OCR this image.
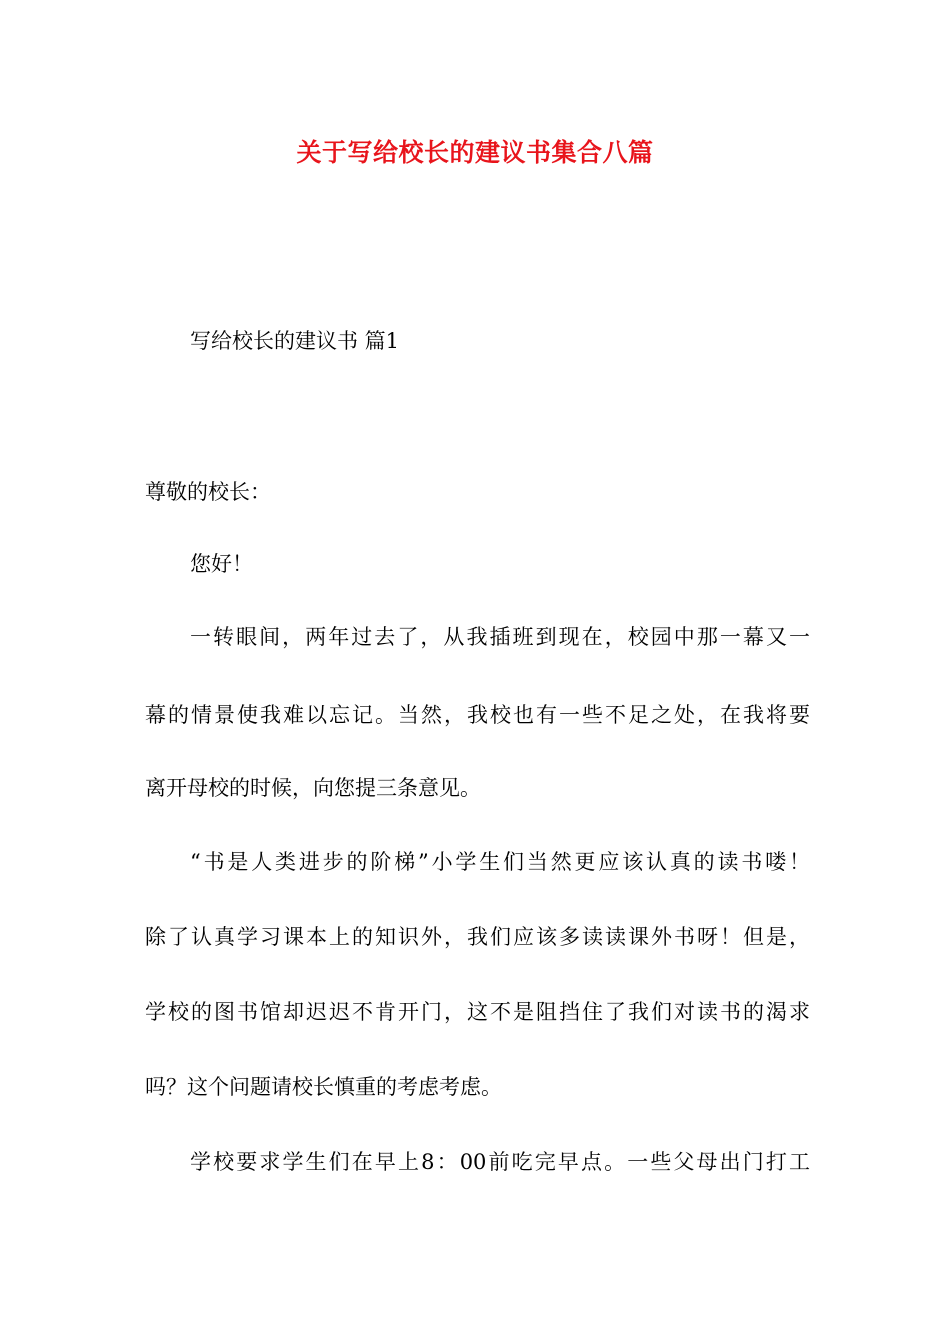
关于写给校长的建议书集合八篇
写给校长的建议书 篇1
尊敬的校长：
您好！
一转眼间，两年过去了，从我插班到现在，校园中那一幕又一
幕的情景使我难以忘记。当然，我校也有一些不足之处，在我将要
离开母校的时候，向您提三条意见。
“书是人类进步的阶梯”小学生们当然更应该认真的读书喽！
除了认真学习课本上的知识外，我们应该多读读课外书呀！但是，
学校的图书馆却迟迟不肯开门，这不是阻挡住了我们对读书的渴求
吗？这个问题请校长慎重的考虑考虑。
学校要求学生们在早上8：00前吃完早点。一些父母出门打工
